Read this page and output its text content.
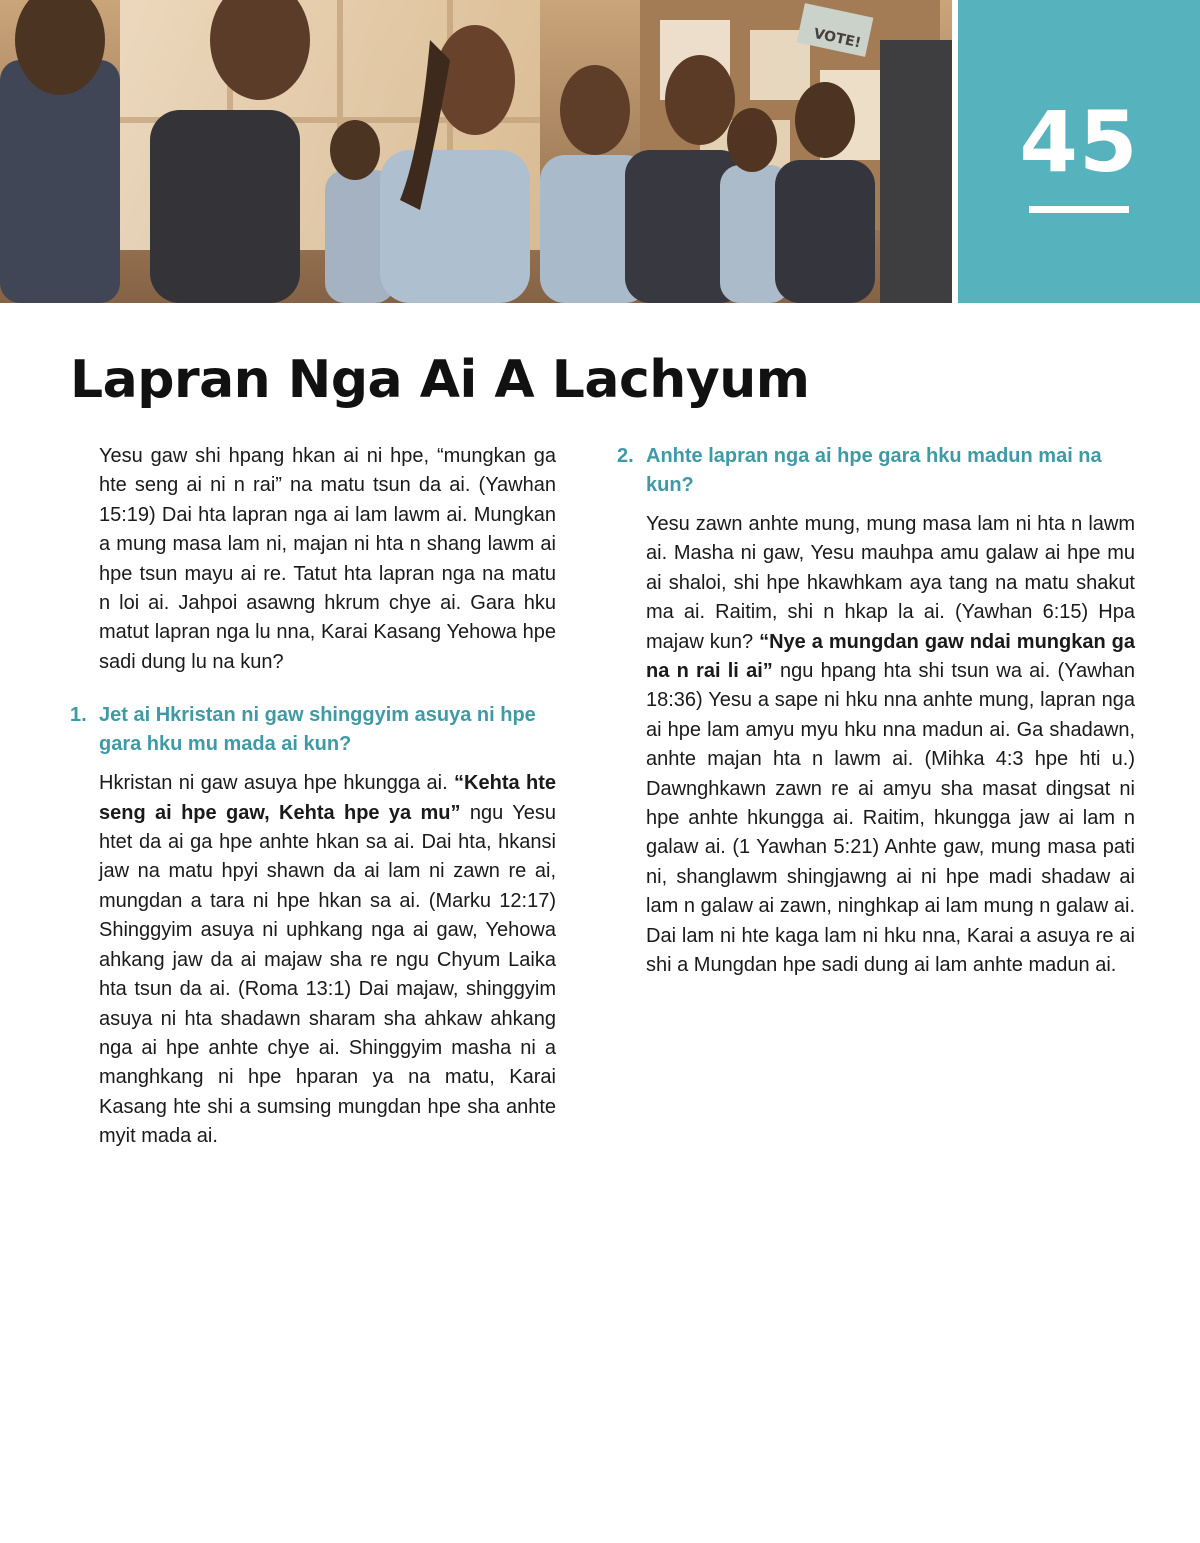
VOTE!
45
Lapran Nga Ai A Lachyum

Yesu gaw shi hpang hkan ai ni hpe, “mungkan ga hte seng ai ni n rai” na matu tsun da ai. (Yawhan 15:19) Dai hta lapran nga ai lam lawm ai. Mungkan a mung masa lam ni, majan ni hta n shang lawm ai hpe tsun mayu ai re. Tatut hta lapran nga na matu n loi ai. Jahpoi asawng hkrum chye ai. Gara hku matut lapran nga lu nna, Karai Kasang Yehowa hpe sadi dung lu na kun?

1. Jet ai Hkristan ni gaw shinggyim asuya ni hpe gara hku mu mada ai kun?

Hkristan ni gaw asuya hpe hkungga ai. “Kehta hte seng ai hpe gaw, Kehta hpe ya mu” ngu Yesu htet da ai ga hpe anhte hkan sa ai. Dai hta, hkansi jaw na matu hpyi shawn da ai lam ni zawn re ai, mungdan a tara ni hpe hkan sa ai. (Marku 12:17) Shinggyim asuya ni uphkang nga ai gaw, Yehowa ahkang jaw da ai majaw sha re ngu Chyum Laika hta tsun da ai. (Roma 13:1) Dai majaw, shinggyim asuya ni hta shadawn sharam sha ahkaw ahkang nga ai hpe anhte chye ai. Shinggyim masha ni a manghkang ni hpe hparan ya na matu, Karai Kasang hte shi a sumsing mungdan hpe sha anhte myit mada ai.

2. Anhte lapran nga ai hpe gara hku madun mai na kun?

Yesu zawn anhte mung, mung masa lam ni hta n lawm ai. Masha ni gaw, Yesu mauhpa amu galaw ai hpe mu ai shaloi, shi hpe hkawhkam aya tang na matu shakut ma ai. Raitim, shi n hkap la ai. (Yawhan 6:15) Hpa majaw kun? “Nye a mungdan gaw ndai mungkan ga na n rai li ai” ngu hpang hta shi tsun wa ai. (Yawhan 18:36) Yesu a sape ni hku nna anhte mung, lapran nga ai hpe lam amyu myu hku nna madun ai. Ga shadawn, anhte majan hta n lawm ai. (Mihka 4:3 hpe hti u.) Dawnghkawn zawn re ai amyu sha masat dingsat ni hpe anhte hkungga ai. Raitim, hkungga jaw ai lam n galaw ai. (1 Yawhan 5:21) Anhte gaw, mung masa pati ni, shanglawm shingjawng ai ni hpe madi shadaw ai lam n galaw ai zawn, ninghkap ai lam mung n galaw ai. Dai lam ni hte kaga lam ni hku nna, Karai a asuya re ai shi a Mungdan hpe sadi dung ai lam anhte madun ai.
